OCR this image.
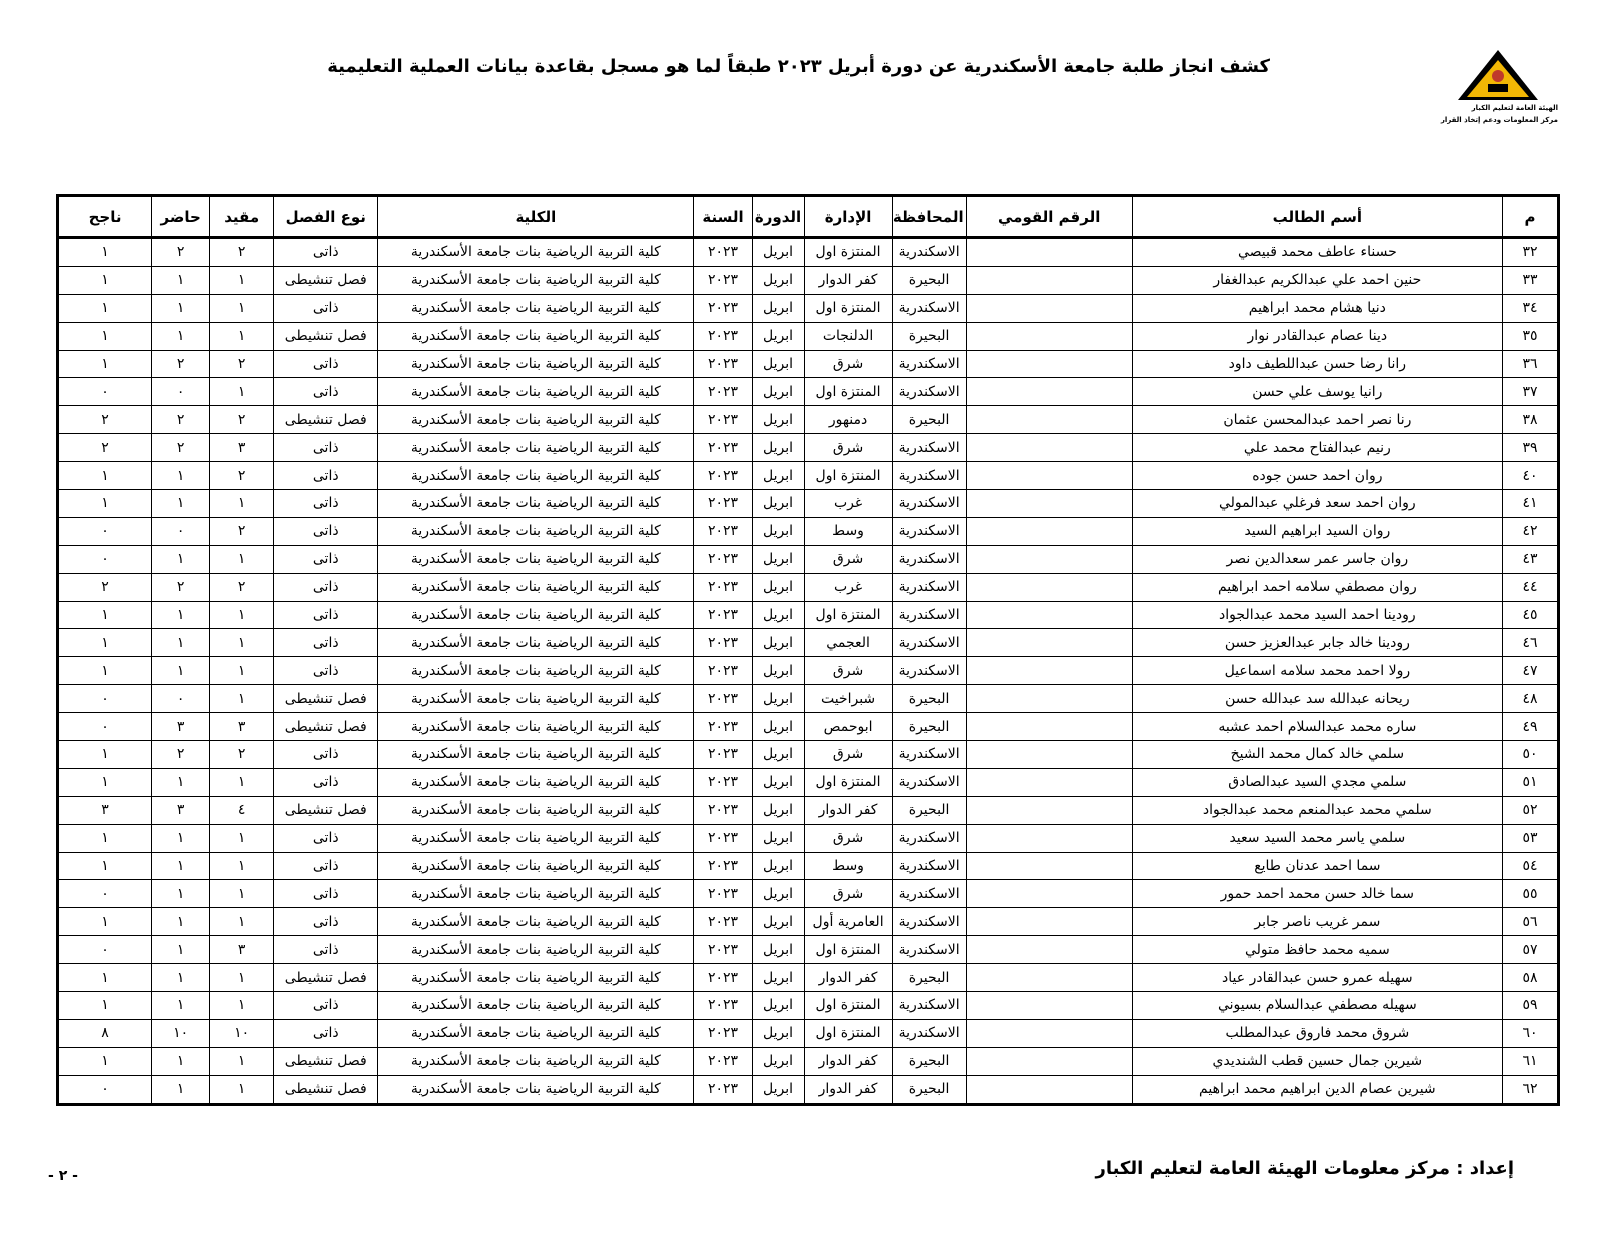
الهيئة العامة لتعليم الكبار
مركز المعلومات ودعم إتخاذ القرار
كشف انجاز طلبة جامعة الأسكندرية عن دورة أبريل ٢٠٢٣ طبقاً لما هو مسجل بقاعدة بيانات العملية التعليمية
م	أسم الطالب	الرقم القومي	المحافظة	الإدارة	الدورة	السنة	الكلية	نوع الفصل	مقيد	حاضر	ناجح
٣٢	حسناء عاطف محمد قبيصي		الاسكندرية	المنتزة اول	ابريل	٢٠٢٣	كلية التربية الرياضية بنات جامعة الأسكندرية	ذاتى	٢	٢	١
٣٣	حنين احمد علي عبدالكريم عبدالغفار		البحيرة	كفر الدوار	ابريل	٢٠٢٣	كلية التربية الرياضية بنات جامعة الأسكندرية	فصل تنشيطى	١	١	١
٣٤	دنيا هشام محمد ابراهيم		الاسكندرية	المنتزة اول	ابريل	٢٠٢٣	كلية التربية الرياضية بنات جامعة الأسكندرية	ذاتى	١	١	١
٣٥	دينا عصام عبدالقادر نوار		البحيرة	الدلنجات	ابريل	٢٠٢٣	كلية التربية الرياضية بنات جامعة الأسكندرية	فصل تنشيطى	١	١	١
٣٦	رانا رضا حسن عبداللطيف داود		الاسكندرية	شرق	ابريل	٢٠٢٣	كلية التربية الرياضية بنات جامعة الأسكندرية	ذاتى	٢	٢	١
٣٧	رانيا يوسف علي حسن		الاسكندرية	المنتزة اول	ابريل	٢٠٢٣	كلية التربية الرياضية بنات جامعة الأسكندرية	ذاتى	١	٠	٠
٣٨	رنا نصر احمد عبدالمحسن عثمان		البحيرة	دمنهور	ابريل	٢٠٢٣	كلية التربية الرياضية بنات جامعة الأسكندرية	فصل تنشيطى	٢	٢	٢
٣٩	رنيم عبدالفتاح محمد علي		الاسكندرية	شرق	ابريل	٢٠٢٣	كلية التربية الرياضية بنات جامعة الأسكندرية	ذاتى	٣	٢	٢
٤٠	روان احمد حسن جوده		الاسكندرية	المنتزة اول	ابريل	٢٠٢٣	كلية التربية الرياضية بنات جامعة الأسكندرية	ذاتى	٢	١	١
٤١	روان احمد سعد فرغلي عبدالمولي		الاسكندرية	غرب	ابريل	٢٠٢٣	كلية التربية الرياضية بنات جامعة الأسكندرية	ذاتى	١	١	١
٤٢	روان السيد ابراهيم السيد		الاسكندرية	وسط	ابريل	٢٠٢٣	كلية التربية الرياضية بنات جامعة الأسكندرية	ذاتى	٢	٠	٠
٤٣	روان جاسر عمر سعدالدين نصر		الاسكندرية	شرق	ابريل	٢٠٢٣	كلية التربية الرياضية بنات جامعة الأسكندرية	ذاتى	١	١	٠
٤٤	روان مصطفي سلامه احمد ابراهيم		الاسكندرية	غرب	ابريل	٢٠٢٣	كلية التربية الرياضية بنات جامعة الأسكندرية	ذاتى	٢	٢	٢
٤٥	رودينا احمد السيد محمد عبدالجواد		الاسكندرية	المنتزة اول	ابريل	٢٠٢٣	كلية التربية الرياضية بنات جامعة الأسكندرية	ذاتى	١	١	١
٤٦	رودينا خالد جابر عبدالعزيز حسن		الاسكندرية	العجمي	ابريل	٢٠٢٣	كلية التربية الرياضية بنات جامعة الأسكندرية	ذاتى	١	١	١
٤٧	رولا احمد محمد سلامه اسماعيل		الاسكندرية	شرق	ابريل	٢٠٢٣	كلية التربية الرياضية بنات جامعة الأسكندرية	ذاتى	١	١	١
٤٨	ريحانه عبدالله سد عبدالله حسن		البحيرة	شبراخيت	ابريل	٢٠٢٣	كلية التربية الرياضية بنات جامعة الأسكندرية	فصل تنشيطى	١	٠	٠
٤٩	ساره محمد عبدالسلام احمد عشبه		البحيرة	ابوحمص	ابريل	٢٠٢٣	كلية التربية الرياضية بنات جامعة الأسكندرية	فصل تنشيطى	٣	٣	٠
٥٠	سلمي خالد كمال محمد الشيخ		الاسكندرية	شرق	ابريل	٢٠٢٣	كلية التربية الرياضية بنات جامعة الأسكندرية	ذاتى	٢	٢	١
٥١	سلمي مجدي السيد عبدالصادق		الاسكندرية	المنتزة اول	ابريل	٢٠٢٣	كلية التربية الرياضية بنات جامعة الأسكندرية	ذاتى	١	١	١
٥٢	سلمي محمد عبدالمنعم محمد عبدالجواد		البحيرة	كفر الدوار	ابريل	٢٠٢٣	كلية التربية الرياضية بنات جامعة الأسكندرية	فصل تنشيطى	٤	٣	٣
٥٣	سلمي ياسر محمد السيد سعيد		الاسكندرية	شرق	ابريل	٢٠٢٣	كلية التربية الرياضية بنات جامعة الأسكندرية	ذاتى	١	١	١
٥٤	سما احمد عدنان طايع		الاسكندرية	وسط	ابريل	٢٠٢٣	كلية التربية الرياضية بنات جامعة الأسكندرية	ذاتى	١	١	١
٥٥	سما خالد حسن محمد احمد حمور		الاسكندرية	شرق	ابريل	٢٠٢٣	كلية التربية الرياضية بنات جامعة الأسكندرية	ذاتى	١	١	٠
٥٦	سمر غريب ناصر جابر		الاسكندرية	العامرية أول	ابريل	٢٠٢٣	كلية التربية الرياضية بنات جامعة الأسكندرية	ذاتى	١	١	١
٥٧	سميه محمد حافظ متولي		الاسكندرية	المنتزة اول	ابريل	٢٠٢٣	كلية التربية الرياضية بنات جامعة الأسكندرية	ذاتى	٣	١	٠
٥٨	سهيله عمرو حسن عبدالقادر عياد		البحيرة	كفر الدوار	ابريل	٢٠٢٣	كلية التربية الرياضية بنات جامعة الأسكندرية	فصل تنشيطى	١	١	١
٥٩	سهيله مصطفي عبدالسلام بسيوني		الاسكندرية	المنتزة اول	ابريل	٢٠٢٣	كلية التربية الرياضية بنات جامعة الأسكندرية	ذاتى	١	١	١
٦٠	شروق محمد فاروق عبدالمطلب		الاسكندرية	المنتزة اول	ابريل	٢٠٢٣	كلية التربية الرياضية بنات جامعة الأسكندرية	ذاتى	١٠	١٠	٨
٦١	شيرين جمال حسين قطب الشنديدي		البحيرة	كفر الدوار	ابريل	٢٠٢٣	كلية التربية الرياضية بنات جامعة الأسكندرية	فصل تنشيطى	١	١	١
٦٢	شيرين عصام الدين ابراهيم محمد ابراهيم		البحيرة	كفر الدوار	ابريل	٢٠٢٣	كلية التربية الرياضية بنات جامعة الأسكندرية	فصل تنشيطى	١	١	٠
إعداد : مركز معلومات الهيئة العامة لتعليم الكبار
- ٢ -
